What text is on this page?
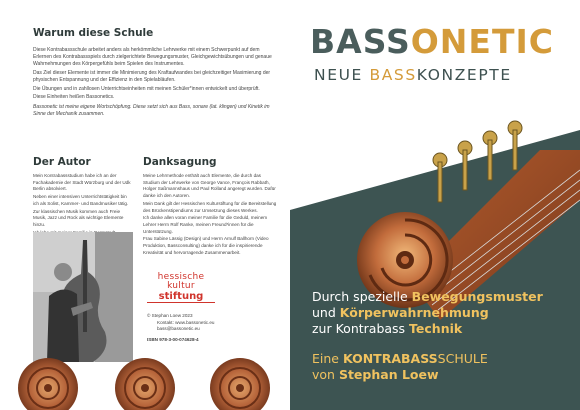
Warum diese Schule

Diese Kontrabassschule arbeitet anders als herkömmliche Lehrwerke mit einem Schwerpunkt auf dem Erlernen des Kontrabassspiels durch zielgerichtete Bewegungsmuster, Gleichgewichtsübungen und genaue Wahrnehmungen des Körpergefühls beim Spielen des Instrumentes.

Das Ziel dieser Elemente ist immer die Minimierung des Kraftaufwandes bei gleichzeitiger Maximierung der physischen Entspannung und der Effizienz in den Spielabläufen.

Die Übungen und in zahllosen Unterrichtseinheiten mit meinen Schüler*innen entwickelt und überprüft. Diese Einheiten heißen Bassonetics.

Bassonetic ist meine eigene Wortschöpfung. Diese setzt sich aus Bass, sonare (lat. klingen) und Kinetik im Sinne der Mechanik zusammen.

Der Autor

Mein Kontrabassstudium habe ich an der Fachakademie der Stadt Würzburg und der Udk Berlin absolviert.

Neben einer intensiven Unterrichtstätigkeit bin ich als Solist, Kammer- und Bandmusiker tätig.

Zur klassischen Musik kommen auch Freie Musik, Jazz und Rock als wichtige Elemente hinzu.

Danksagung

Meine Lehrmethode enthält auch Elemente, die durch das Studium der Lehrwerke von George Vance, François Rabbath, Holger Saßmannshaus und Paul Rolland angeregt wurden. Dafür danke ich den Autoren.

Mein Dank gilt der Hessischen Kulturstiftung für die Bereitstellung des Brückenstipendiums zur Umsetzung dieses Werkes.

Ich danke allen voran meiner Familie für die Geduld, meinem Lehrer Herrn Rolf Ranke, meinen Freund*innen für die Unterstützung.

Frau Sabine Lässig (Design) und Herrn Arnulf Ballhorn (Video Produktion, Bassconsulting) danke ich für die inspirierende Kreativität und hervorragende Zusammenarbeit.

hessische
kultur
stiftung
© Stephan Loew 2023
Kontakt: www.bassonetic.eu
bass@bassonetic.eu
ISBN 978-3-00-074628-4
BASSONETIC
NEUE BASSKONZEPTE
Durch spezielle Bewegungsmuster
und Körperwahrnehmung
zur Kontrabass Technik
Eine KONTRABASSSCHULE
von Stephan Loew
